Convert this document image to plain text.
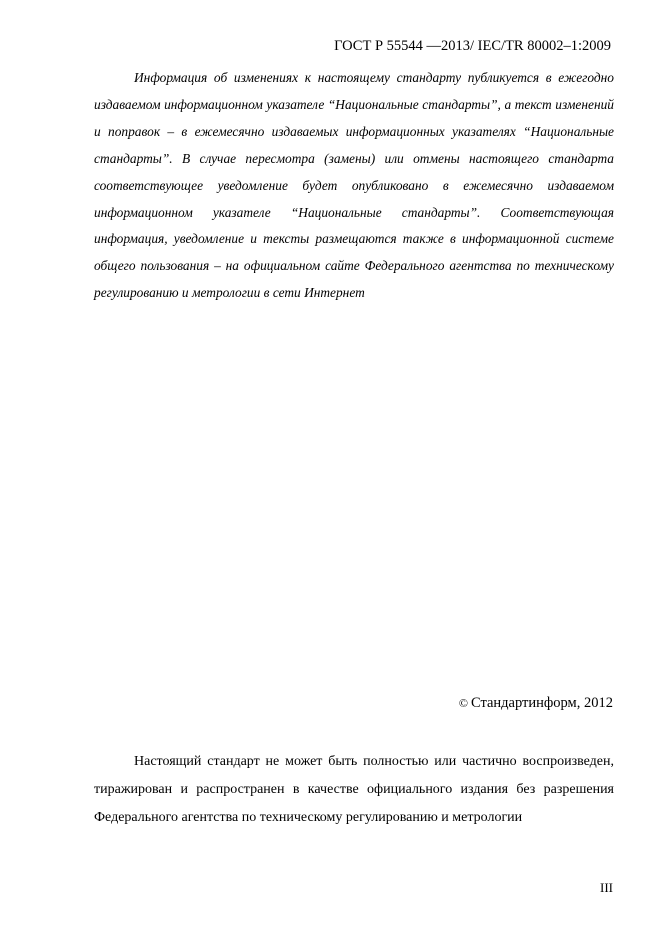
ГОСТ Р 55544 —2013/ IEC/TR 80002–1:2009

Информация об изменениях к настоящему стандарту публикуется в ежегодно издаваемом информационном указателе “Национальные стандарты”, а текст изменений и поправок – в ежемесячно издаваемых информационных указателях “Национальные стандарты”. В случае пересмотра (замены) или отмены настоящего стандарта соответствующее уведомление будет опубликовано в ежемесячно издаваемом информационном указателе “Национальные стандарты”. Соответствующая информация, уведомление и тексты размещаются также в информационной системе общего пользования – на официальном сайте Федерального агентства по техническому регулированию и метрологии в сети Интернет

© Стандартинформ, 2012

Настоящий стандарт не может быть полностью или частично воспроизведен, тиражирован и распространен в качестве официального издания без разрешения Федерального агентства по техническому регулированию и метрологии

III
